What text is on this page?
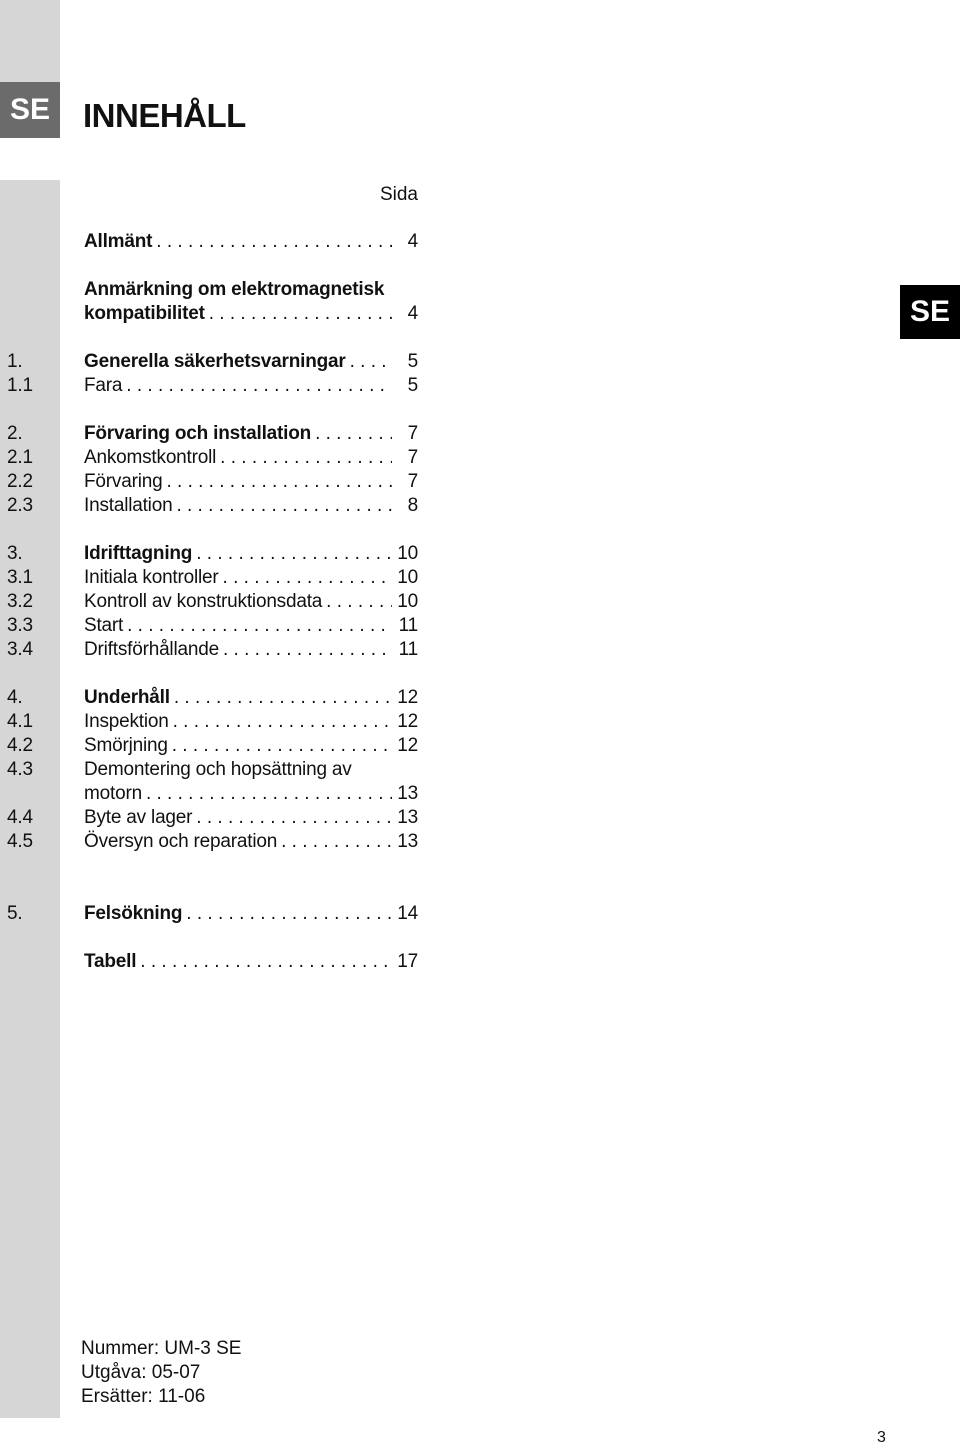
SE INNEHÅLL
SE
Sida
Allmänt . . .	4
Anmärkning om elektromagnetisk
kompatibilitet . . .	4
1.	Generella säkerhetsvarningar . . .	5
1.1	Fara . . .	5
2.	Förvaring och installation . . .	7
2.1	Ankomstkontroll . . .	7
2.2	Förvaring . . .	7
2.3	Installation . . .	8
3.	Idrifttagning . . .	10
3.1	Initiala kontroller . . .	10
3.2	Kontroll av konstruktionsdata . . .	10
3.3	Start . . .	11
3.4	Driftsförhållande . . .	11
4.	Underhåll . . .	12
4.1	Inspektion . . .	12
4.2	Smörjning . . .	12
4.3	Demontering och hopsättning av
motorn . . .	13
4.4	Byte av lager . . .	13
4.5	Översyn och reparation . . .	13
5.	Felsökning . . .	14
Tabell . . .	17
Nummer: UM-3 SE
Utgåva: 05-07
Ersätter: 11-06
3
